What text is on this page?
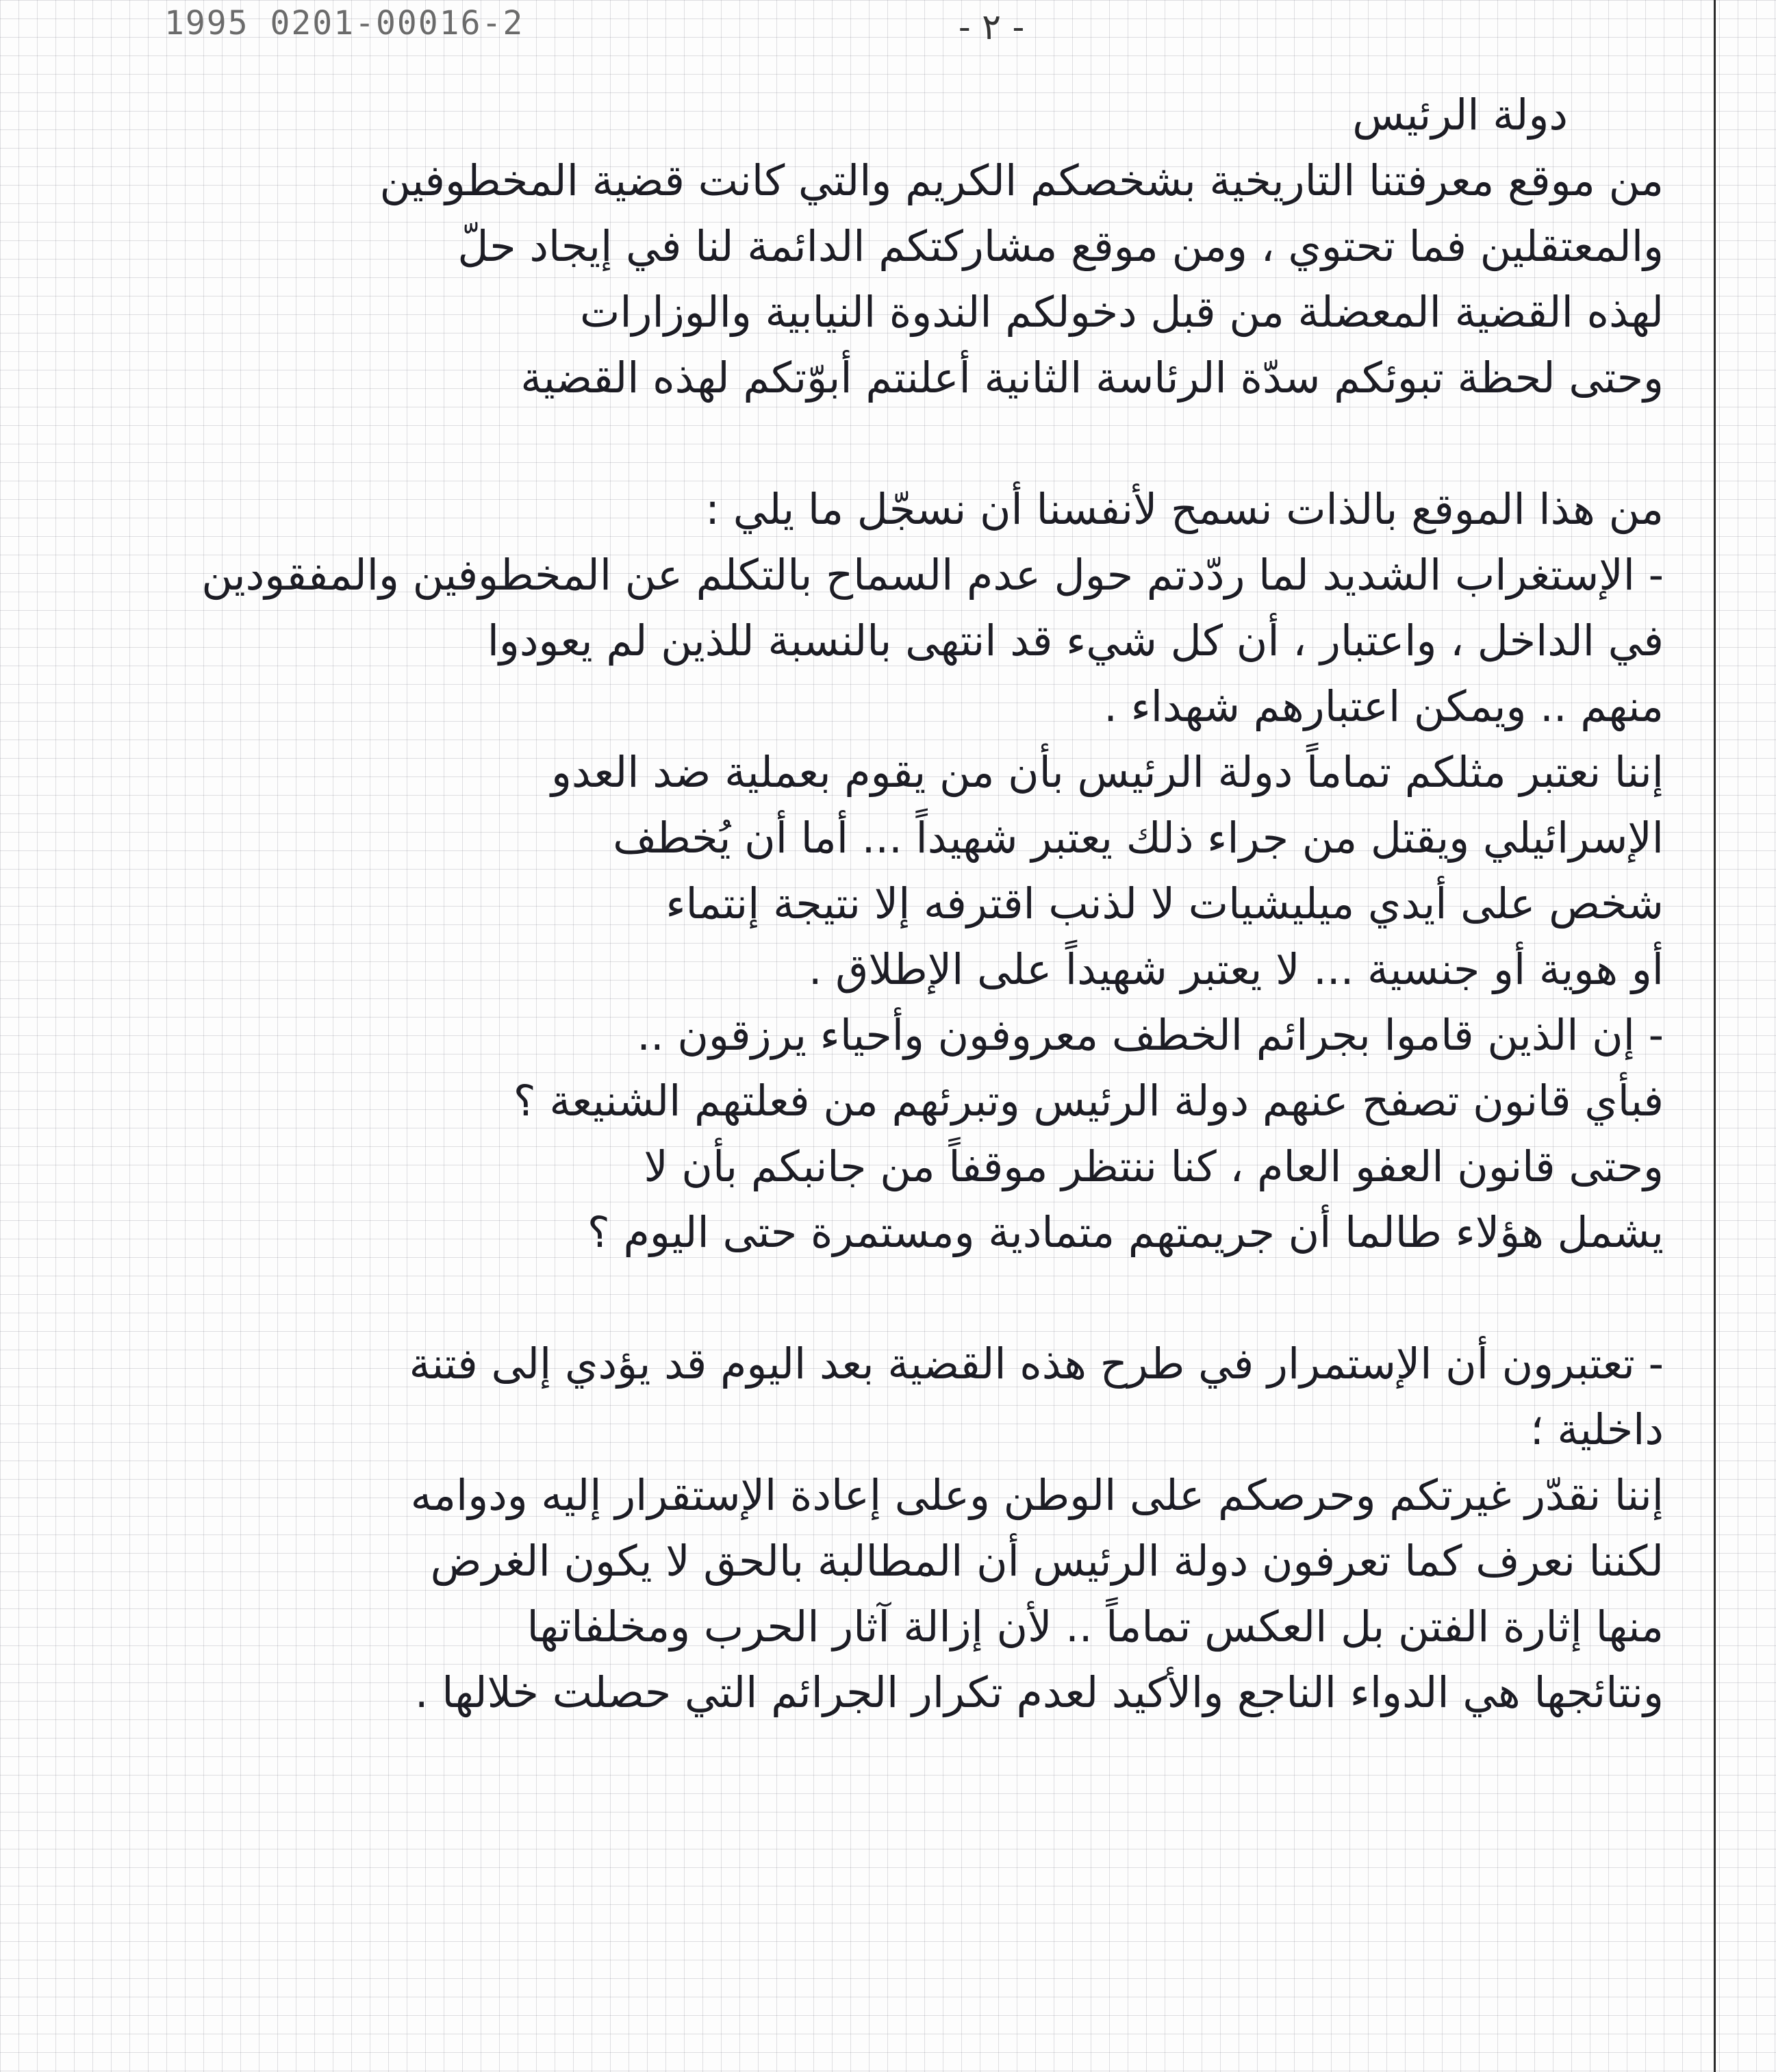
1995 0201-00016-2	- ٢ -
دولة الرئيس
من موقع معرفتنا التاريخية بشخصكم الكريم والتي كانت قضية المخطوفين
والمعتقلين فما تحتوي ، ومن موقع مشاركتكم الدائمة لنا في إيجاد حلّ
لهذه القضية المعضلة من قبل دخولكم الندوة النيابية والوزارات
وحتى لحظة تبوئكم سدّة الرئاسة الثانية أعلنتم أبوّتكم لهذه القضية
من هذا الموقع بالذات نسمح لأنفسنا أن نسجّل ما يلي :
- الإستغراب الشديد لما ردّدتم حول عدم السماح بالتكلم عن المخطوفين والمفقودين
في الداخل ، واعتبار ، أن كل شيء قد انتهى بالنسبة للذين لم يعودوا
منهم .. ويمكن اعتبارهم شهداء .
إننا نعتبر مثلكم تماماً دولة الرئيس بأن من يقوم بعملية ضد العدو
الإسرائيلي ويقتل من جراء ذلك يعتبر شهيداً ... أما أن يُخطف
شخص على أيدي ميليشيات لا لذنب اقترفه إلا نتيجة إنتماء
أو هوية أو جنسية ... لا يعتبر شهيداً على الإطلاق .
- إن الذين قاموا بجرائم الخطف معروفون وأحياء يرزقون ..
فبأي قانون تصفح عنهم دولة الرئيس وتبرئهم من فعلتهم الشنيعة ؟
وحتى قانون العفو العام ، كنا ننتظر موقفاً من جانبكم بأن لا
يشمل هؤلاء طالما أن جريمتهم متمادية ومستمرة حتى اليوم ؟
- تعتبرون أن الإستمرار في طرح هذه القضية بعد اليوم قد يؤدي إلى فتنة
داخلية ؛
إننا نقدّر غيرتكم وحرصكم على الوطن وعلى إعادة الإستقرار إليه ودوامه
لكننا نعرف كما تعرفون دولة الرئيس أن المطالبة بالحق لا يكون الغرض
منها إثارة الفتن بل العكس تماماً .. لأن إزالة آثار الحرب ومخلفاتها
ونتائجها هي الدواء الناجع والأكيد لعدم تكرار الجرائم التي حصلت خلالها .
